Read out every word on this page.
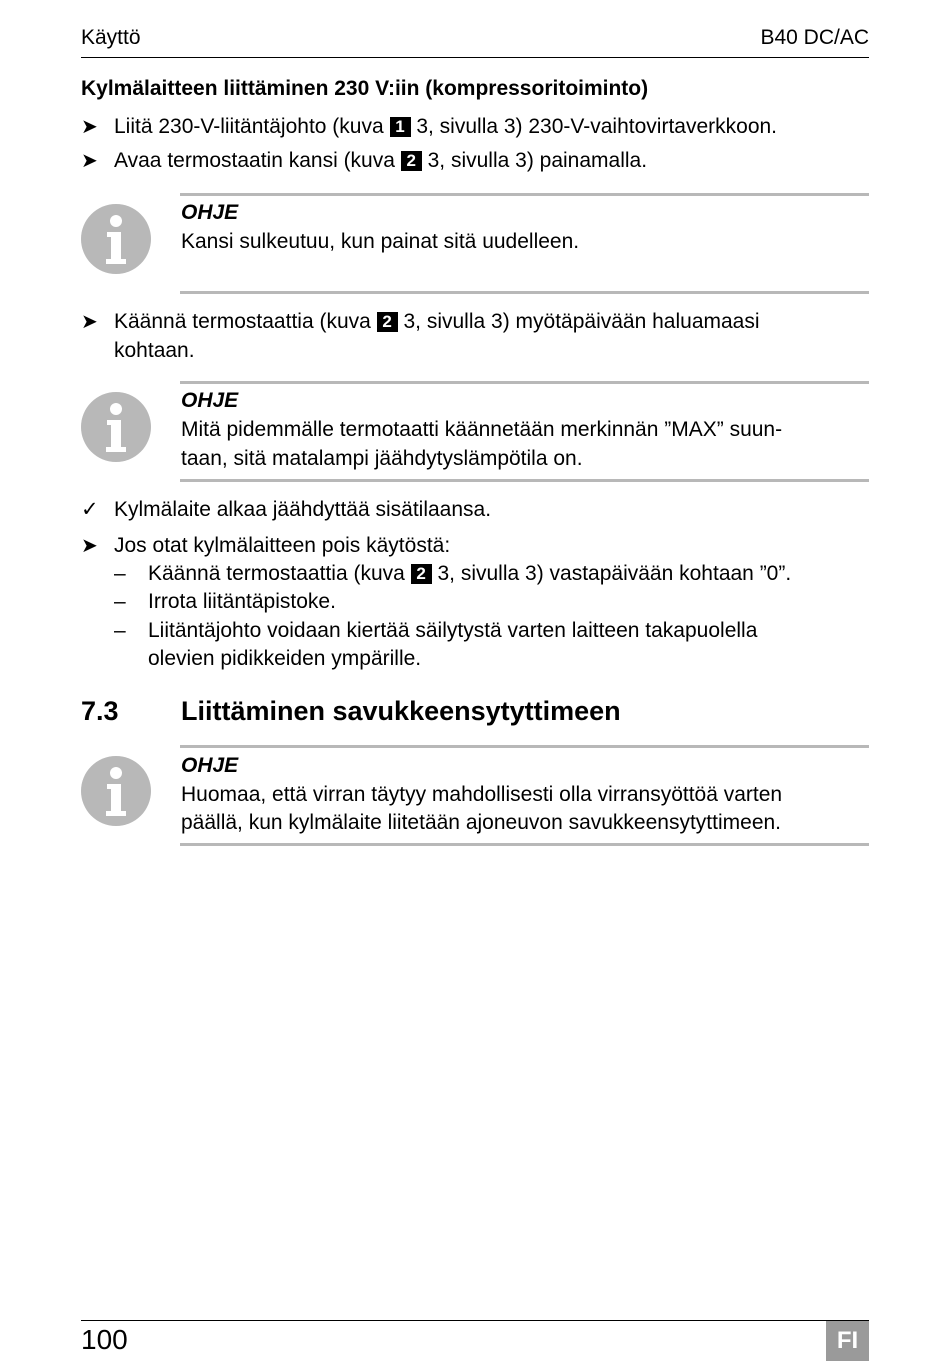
Käyttö	B40 DC/AC
Kylmälaitteen liittäminen 230 V:iin (kompressoritoiminto)
➤ Liitä 230-V-liitäntäjohto (kuva 1 3, sivulla 3) 230-V-vaihtovirtaverkkoon.
➤ Avaa termostaatin kansi (kuva 2 3, sivulla 3) painamalla.
OHJE
Kansi sulkeutuu, kun painat sitä uudelleen.
➤ Käännä termostaattia (kuva 2 3, sivulla 3) myötäpäivään haluamaasi
kohtaan.
OHJE
Mitä pidemmälle termotaatti käännetään merkinnän ”MAX” suun-
taan, sitä matalampi jäähdytyslämpötila on.
✓ Kylmälaite alkaa jäähdyttää sisätilaansa.
➤ Jos otat kylmälaitteen pois käytöstä:
– Käännä termostaattia (kuva 2 3, sivulla 3) vastapäivään kohtaan ”0”.
– Irrota liitäntäpistoke.
– Liitäntäjohto voidaan kiertää säilytystä varten laitteen takapuolella
olevien pidikkeiden ympärille.
7.3 Liittäminen savukkeensytyttimeen
OHJE
Huomaa, että virran täytyy mahdollisesti olla virransyöttöä varten
päällä, kun kylmälaite liitetään ajoneuvon savukkeensytyttimeen.
100	FI
